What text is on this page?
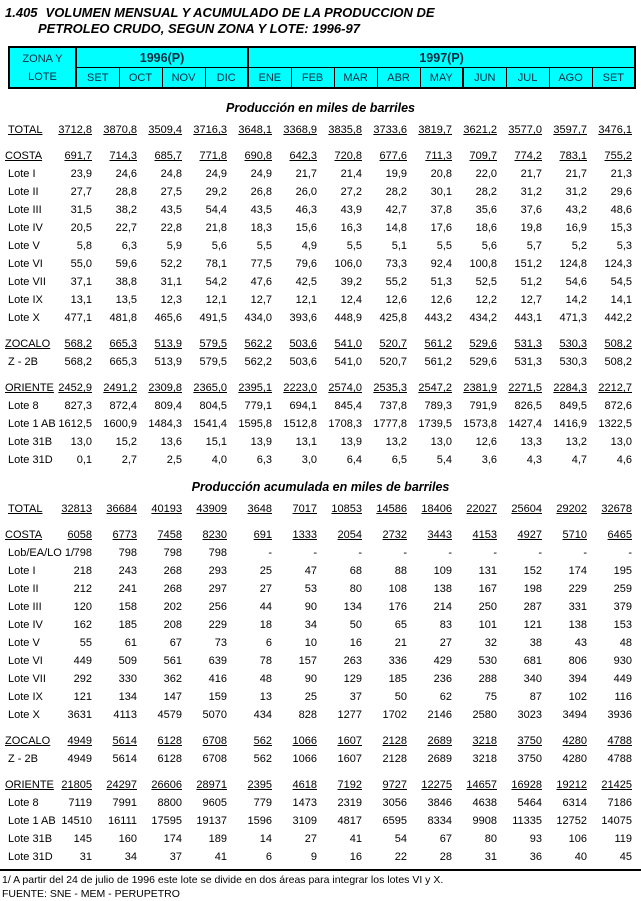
1.405 VOLUMEN MENSUAL Y ACUMULADO DE LA PRODUCCION DE
PETROLEO CRUDO, SEGUN ZONA Y LOTE: 1996-97
ZONA Y
LOTE	1996(P)				1997(P)								
	SET	OCT	NOV	DIC	ENE	FEB	MAR	ABR	MAY	JUN	JUL	AGO	SET
Producción en miles de barriles
TOTAL	3712,8	3870,8	3509,4	3716,3	3648,1	3368,9	3835,8	3733,6	3819,7	3621,2	3577,0	3597,7	3476,1
COSTA	691,7	714,3	685,7	771,8	690,8	642,3	720,8	677,6	711,3	709,7	774,2	783,1	755,2
Lote I	23,9	24,6	24,8	24,9	24,9	21,7	21,4	19,9	20,8	22,0	21,7	21,7	21,3
Lote II	27,7	28,8	27,5	29,2	26,8	26,0	27,2	28,2	30,1	28,2	31,2	31,2	29,6
Lote III	31,5	38,2	43,5	54,4	43,5	46,3	43,9	42,7	37,8	35,6	37,6	43,2	48,6
Lote IV	20,5	22,7	22,8	21,8	18,3	15,6	16,3	14,8	17,6	18,6	19,8	16,9	15,3
Lote V	5,8	6,3	5,9	5,6	5,5	4,9	5,5	5,1	5,5	5,6	5,7	5,2	5,3
Lote VI	55,0	59,6	52,2	78,1	77,5	79,6	106,0	73,3	92,4	100,8	151,2	124,8	124,3
Lote VII	37,1	38,8	31,1	54,2	47,6	42,5	39,2	55,2	51,3	52,5	51,2	54,6	54,5
Lote IX	13,1	13,5	12,3	12,1	12,7	12,1	12,4	12,6	12,6	12,2	12,7	14,2	14,1
Lote X	477,1	481,8	465,6	491,5	434,0	393,6	448,9	425,8	443,2	434,2	443,1	471,3	442,2
ZOCALO	568,2	665,3	513,9	579,5	562,2	503,6	541,0	520,7	561,2	529,6	531,3	530,3	508,2
Z - 2B	568,2	665,3	513,9	579,5	562,2	503,6	541,0	520,7	561,2	529,6	531,3	530,3	508,2
ORIENTE	2452,9	2491,2	2309,8	2365,0	2395,1	2223,0	2574,0	2535,3	2547,2	2381,9	2271,5	2284,3	2212,7
Lote 8	827,3	872,4	809,4	804,5	779,1	694,1	845,4	737,8	789,3	791,9	826,5	849,5	872,6
Lote 1 AB	1612,5	1600,9	1484,3	1541,4	1595,8	1512,8	1708,3	1777,8	1739,5	1573,8	1427,4	1416,9	1322,5
Lote 31B	13,0	15,2	13,6	15,1	13,9	13,1	13,9	13,2	13,0	12,6	13,3	13,2	13,0
Lote 31D	0,1	2,7	2,5	4,0	6,3	3,0	6,4	6,5	5,4	3,6	4,3	4,7	4,6
Producción acumulada en miles de barriles
TOTAL	32813	36684	40193	43909	3648	7017	10853	14586	18406	22027	25604	29202	32678
COSTA	6058	6773	7458	8230	691	1333	2054	2732	3443	4153	4927	5710	6465
Lob/EA/LO 1/	798	798	798	798	-	-	-	-	-	-	-	-	-
Lote I	218	243	268	293	25	47	68	88	109	131	152	174	195
Lote II	212	241	268	297	27	53	80	108	138	167	198	229	259
Lote III	120	158	202	256	44	90	134	176	214	250	287	331	379
Lote IV	162	185	208	229	18	34	50	65	83	101	121	138	153
Lote V	55	61	67	73	6	10	16	21	27	32	38	43	48
Lote VI	449	509	561	639	78	157	263	336	429	530	681	806	930
Lote VII	292	330	362	416	48	90	129	185	236	288	340	394	449
Lote IX	121	134	147	159	13	25	37	50	62	75	87	102	116
Lote X	3631	4113	4579	5070	434	828	1277	1702	2146	2580	3023	3494	3936
ZOCALO	4949	5614	6128	6708	562	1066	1607	2128	2689	3218	3750	4280	4788
Z - 2B	4949	5614	6128	6708	562	1066	1607	2128	2689	3218	3750	4280	4788
ORIENTE	21805	24297	26606	28971	2395	4618	7192	9727	12275	14657	16928	19212	21425
Lote 8	7119	7991	8800	9605	779	1473	2319	3056	3846	4638	5464	6314	7186
Lote 1 AB	14510	16111	17595	19137	1596	3109	4817	6595	8334	9908	11335	12752	14075
Lote 31B	145	160	174	189	14	27	41	54	67	80	93	106	119
Lote 31D	31	34	37	41	6	9	16	22	28	31	36	40	45
1/ A partir del 24 de julio de 1996 este lote se divide en dos áreas para integrar los lotes VI y X.
FUENTE: SNE - MEM - PERUPETRO
